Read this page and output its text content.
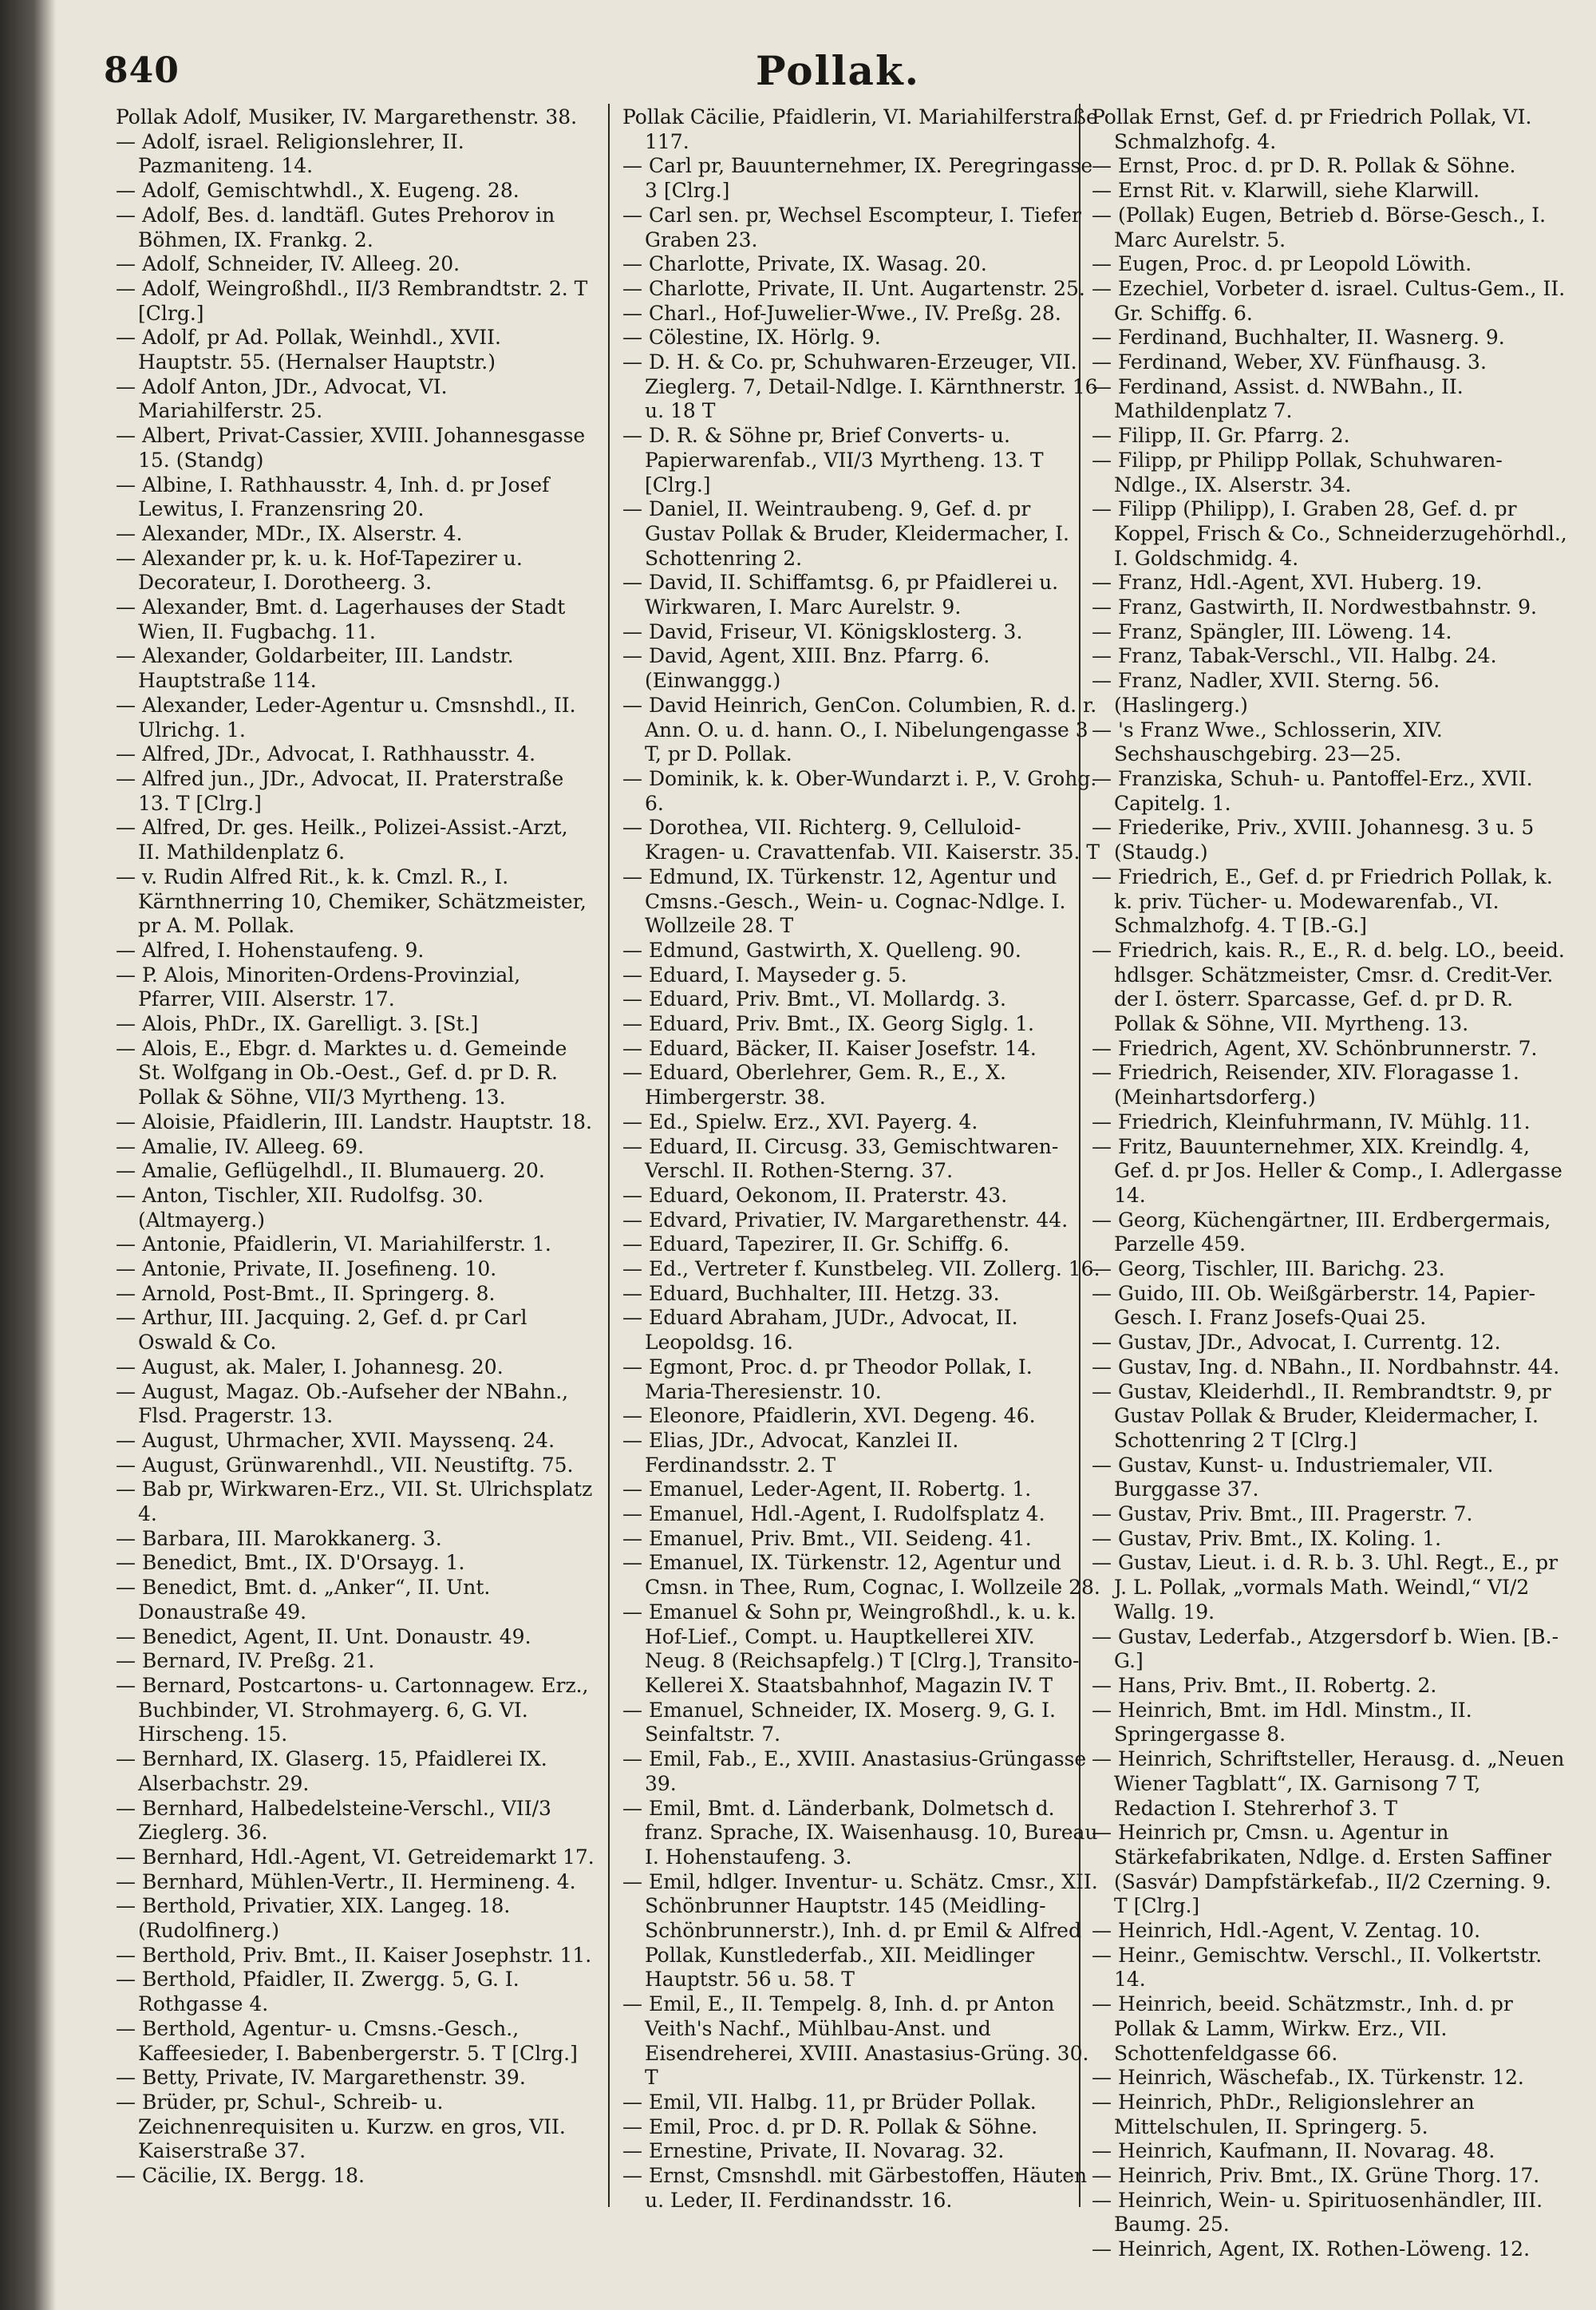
840	Pollak.

Pollak Adolf, Musiker, IV. Margarethenstr. 38.

— Adolf, israel. Religionslehrer, II. Pazmaniteng. 14.

— Adolf, Gemischtwhdl., X. Eugeng. 28.

— Adolf, Bes. d. landtäfl. Gutes Prehorov in Böhmen, IX. Frankg. 2.

— Adolf, Schneider, IV. Alleeg. 20.

— Adolf, Weingroßhdl., II/3 Rembrandtstr. 2. T [Clrg.]

— Adolf, pr Ad. Pollak, Weinhdl., XVII. Hauptstr. 55. (Hernalser Hauptstr.)

— Adolf Anton, JDr., Advocat, VI. Mariahilferstr. 25.

— Albert, Privat-Cassier, XVIII. Johannesgasse 15. (Standg)

— Albine, I. Rathhausstr. 4, Inh. d. pr Josef Lewitus, I. Franzensring 20.

— Alexander, MDr., IX. Alserstr. 4.

— Alexander pr, k. u. k. Hof-Tapezirer u. Decorateur, I. Dorotheerg. 3.

— Alexander, Bmt. d. Lagerhauses der Stadt Wien, II. Fugbachg. 11.

— Alexander, Goldarbeiter, III. Landstr. Hauptstraße 114.

— Alexander, Leder-Agentur u. Cmsnshdl., II. Ulrichg. 1.

— Alfred, JDr., Advocat, I. Rathhausstr. 4.

— Alfred jun., JDr., Advocat, II. Praterstraße 13. T [Clrg.]

— Alfred, Dr. ges. Heilk., Polizei-Assist.-Arzt, II. Mathildenplatz 6.

— v. Rudin Alfred Rit., k. k. Cmzl. R., I. Kärnthnerring 10, Chemiker, Schätzmeister, pr A. M. Pollak.

— Alfred, I. Hohenstaufeng. 9.

— P. Alois, Minoriten-Ordens-Provinzial, Pfarrer, VIII. Alserstr. 17.

— Alois, PhDr., IX. Garelligt. 3. [St.]

— Alois, E., Ebgr. d. Marktes u. d. Gemeinde St. Wolfgang in Ob.-Oest., Gef. d. pr D. R. Pollak & Söhne, VII/3 Myrtheng. 13.

— Aloisie, Pfaidlerin, III. Landstr. Hauptstr. 18.

— Amalie, IV. Alleeg. 69.

— Amalie, Geflügelhdl., II. Blumauerg. 20.

— Anton, Tischler, XII. Rudolfsg. 30. (Altmayerg.)

— Antonie, Pfaidlerin, VI. Mariahilferstr. 1.

— Antonie, Private, II. Josefineng. 10.

— Arnold, Post-Bmt., II. Springerg. 8.

— Arthur, III. Jacquing. 2, Gef. d. pr Carl Oswald & Co.

— August, ak. Maler, I. Johannesg. 20.

— August, Magaz. Ob.-Aufseher der NBahn., Flsd. Pragerstr. 13.

— August, Uhrmacher, XVII. Mayssenq. 24.

— August, Grünwarenhdl., VII. Neustiftg. 75.

— Bab pr, Wirkwaren-Erz., VII. St. Ulrichsplatz 4.

— Barbara, III. Marokkanerg. 3.

— Benedict, Bmt., IX. D'Orsayg. 1.

— Benedict, Bmt. d. „Anker“, II. Unt. Donaustraße 49.

— Benedict, Agent, II. Unt. Donaustr. 49.

— Bernard, IV. Preßg. 21.

— Bernard, Postcartons- u. Cartonnagew. Erz., Buchbinder, VI. Strohmayerg. 6, G. VI. Hirscheng. 15.

— Bernhard, IX. Glaserg. 15, Pfaidlerei IX. Alserbachstr. 29.

— Bernhard, Halbedelsteine-Verschl., VII/3 Zieglerg. 36.

— Bernhard, Hdl.-Agent, VI. Getreidemarkt 17.

— Bernhard, Mühlen-Vertr., II. Hermineng. 4.

— Berthold, Privatier, XIX. Langeg. 18. (Rudolfinerg.)

— Berthold, Priv. Bmt., II. Kaiser Josephstr. 11.

— Berthold, Pfaidler, II. Zwergg. 5, G. I. Rothgasse 4.

— Berthold, Agentur- u. Cmsns.-Gesch., Kaffeesieder, I. Babenbergerstr. 5. T [Clrg.]

— Betty, Private, IV. Margarethenstr. 39.

— Brüder, pr, Schul-, Schreib- u. Zeichnenrequisiten u. Kurzw. en gros, VII. Kaiserstraße 37.

— Cäcilie, IX. Bergg. 18.

Pollak Cäcilie, Pfaidlerin, VI. Mariahilferstraße 117.

— Carl pr, Bauunternehmer, IX. Peregringasse 3 [Clrg.]

— Carl sen. pr, Wechsel Escompteur, I. Tiefer Graben 23.

— Charlotte, Private, IX. Wasag. 20.

— Charlotte, Private, II. Unt. Augartenstr. 25.

— Charl., Hof-Juwelier-Wwe., IV. Preßg. 28.

— Cölestine, IX. Hörlg. 9.

— D. H. & Co. pr, Schuhwaren-Erzeuger, VII. Zieglerg. 7, Detail-Ndlge. I. Kärnthnerstr. 16 u. 18 T

— D. R. & Söhne pr, Brief Converts- u. Papierwarenfab., VII/3 Myrtheng. 13. T [Clrg.]

— Daniel, II. Weintraubeng. 9, Gef. d. pr Gustav Pollak & Bruder, Kleidermacher, I. Schottenring 2.

— David, II. Schiffamtsg. 6, pr Pfaidlerei u. Wirkwaren, I. Marc Aurelstr. 9.

— David, Friseur, VI. Königsklosterg. 3.

— David, Agent, XIII. Bnz. Pfarrg. 6. (Einwanggg.)

— David Heinrich, GenCon. Columbien, R. d. r. Ann. O. u. d. hann. O., I. Nibelungengasse 3 T, pr D. Pollak.

— Dominik, k. k. Ober-Wundarzt i. P., V. Grohg. 6.

— Dorothea, VII. Richterg. 9, Celluloid-Kragen- u. Cravattenfab. VII. Kaiserstr. 35. T

— Edmund, IX. Türkenstr. 12, Agentur und Cmsns.-Gesch., Wein- u. Cognac-Ndlge. I. Wollzeile 28. T

— Edmund, Gastwirth, X. Quelleng. 90.

— Eduard, I. Mayseder g. 5.

— Eduard, Priv. Bmt., VI. Mollardg. 3.

— Eduard, Priv. Bmt., IX. Georg Siglg. 1.

— Eduard, Bäcker, II. Kaiser Josefstr. 14.

— Eduard, Oberlehrer, Gem. R., E., X. Himbergerstr. 38.

— Ed., Spielw. Erz., XVI. Payerg. 4.

— Eduard, II. Circusg. 33, Gemischtwaren-Verschl. II. Rothen-Sterng. 37.

— Eduard, Oekonom, II. Praterstr. 43.

— Edvard, Privatier, IV. Margarethenstr. 44.

— Eduard, Tapezirer, II. Gr. Schiffg. 6.

— Ed., Vertreter f. Kunstbeleg. VII. Zollerg. 16.

— Eduard, Buchhalter, III. Hetzg. 33.

— Eduard Abraham, JUDr., Advocat, II. Leopoldsg. 16.

— Egmont, Proc. d. pr Theodor Pollak, I. Maria-Theresienstr. 10.

— Eleonore, Pfaidlerin, XVI. Degeng. 46.

— Elias, JDr., Advocat, Kanzlei II. Ferdinandsstr. 2. T

— Emanuel, Leder-Agent, II. Robertg. 1.

— Emanuel, Hdl.-Agent, I. Rudolfsplatz 4.

— Emanuel, Priv. Bmt., VII. Seideng. 41.

— Emanuel, IX. Türkenstr. 12, Agentur und Cmsn. in Thee, Rum, Cognac, I. Wollzeile 28.

— Emanuel & Sohn pr, Weingroßhdl., k. u. k. Hof-Lief., Compt. u. Hauptkellerei XIV. Neug. 8 (Reichsapfelg.) T [Clrg.], Transito-Kellerei X. Staatsbahnhof, Magazin IV. T

— Emanuel, Schneider, IX. Moserg. 9, G. I. Seinfaltstr. 7.

— Emil, Fab., E., XVIII. Anastasius-Grüngasse 39.

— Emil, Bmt. d. Länderbank, Dolmetsch d. franz. Sprache, IX. Waisenhausg. 10, Bureau I. Hohenstaufeng. 3.

— Emil, hdlger. Inventur- u. Schätz. Cmsr., XII. Schönbrunner Hauptstr. 145 (Meidling-Schönbrunnerstr.), Inh. d. pr Emil & Alfred Pollak, Kunstlederfab., XII. Meidlinger Hauptstr. 56 u. 58. T

— Emil, E., II. Tempelg. 8, Inh. d. pr Anton Veith's Nachf., Mühlbau-Anst. und Eisendreherei, XVIII. Anastasius-Grüng. 30. T

— Emil, VII. Halbg. 11, pr Brüder Pollak.

— Emil, Proc. d. pr D. R. Pollak & Söhne.

— Ernestine, Private, II. Novarag. 32.

— Ernst, Cmsnshdl. mit Gärbestoffen, Häuten u. Leder, II. Ferdinandsstr. 16.

Pollak Ernst, Gef. d. pr Friedrich Pollak, VI. Schmalzhofg. 4.

— Ernst, Proc. d. pr D. R. Pollak & Söhne.

— Ernst Rit. v. Klarwill, siehe Klarwill.

— (Pollak) Eugen, Betrieb d. Börse-Gesch., I. Marc Aurelstr. 5.

— Eugen, Proc. d. pr Leopold Löwith.

— Ezechiel, Vorbeter d. israel. Cultus-Gem., II. Gr. Schiffg. 6.

— Ferdinand, Buchhalter, II. Wasnerg. 9.

— Ferdinand, Weber, XV. Fünfhausg. 3.

— Ferdinand, Assist. d. NWBahn., II. Mathildenplatz 7.

— Filipp, II. Gr. Pfarrg. 2.

— Filipp, pr Philipp Pollak, Schuhwaren-Ndlge., IX. Alserstr. 34.

— Filipp (Philipp), I. Graben 28, Gef. d. pr Koppel, Frisch & Co., Schneiderzugehörhdl., I. Goldschmidg. 4.

— Franz, Hdl.-Agent, XVI. Huberg. 19.

— Franz, Gastwirth, II. Nordwestbahnstr. 9.

— Franz, Spängler, III. Löweng. 14.

— Franz, Tabak-Verschl., VII. Halbg. 24.

— Franz, Nadler, XVII. Sterng. 56. (Haslingerg.)

— 's Franz Wwe., Schlosserin, XIV. Sechshauschgebirg. 23—25.

— Franziska, Schuh- u. Pantoffel-Erz., XVII. Capitelg. 1.

— Friederike, Priv., XVIII. Johannesg. 3 u. 5 (Staudg.)

— Friedrich, E., Gef. d. pr Friedrich Pollak, k. k. priv. Tücher- u. Modewarenfab., VI. Schmalzhofg. 4. T [B.-G.]

— Friedrich, kais. R., E., R. d. belg. LO., beeid. hdlsger. Schätzmeister, Cmsr. d. Credit-Ver. der I. österr. Sparcasse, Gef. d. pr D. R. Pollak & Söhne, VII. Myrtheng. 13.

— Friedrich, Agent, XV. Schönbrunnerstr. 7.

— Friedrich, Reisender, XIV. Floragasse 1. (Meinhartsdorferg.)

— Friedrich, Kleinfuhrmann, IV. Mühlg. 11.

— Fritz, Bauunternehmer, XIX. Kreindlg. 4, Gef. d. pr Jos. Heller & Comp., I. Adlergasse 14.

— Georg, Küchengärtner, III. Erdbergermais, Parzelle 459.

— Georg, Tischler, III. Barichg. 23.

— Guido, III. Ob. Weißgärberstr. 14, Papier-Gesch. I. Franz Josefs-Quai 25.

— Gustav, JDr., Advocat, I. Currentg. 12.

— Gustav, Ing. d. NBahn., II. Nordbahnstr. 44.

— Gustav, Kleiderhdl., II. Rembrandtstr. 9, pr Gustav Pollak & Bruder, Kleidermacher, I. Schottenring 2 T [Clrg.]

— Gustav, Kunst- u. Industriemaler, VII. Burggasse 37.

— Gustav, Priv. Bmt., III. Pragerstr. 7.

— Gustav, Priv. Bmt., IX. Koling. 1.

— Gustav, Lieut. i. d. R. b. 3. Uhl. Regt., E., pr J. L. Pollak, „vormals Math. Weindl,“ VI/2 Wallg. 19.

— Gustav, Lederfab., Atzgersdorf b. Wien. [B.-G.]

— Hans, Priv. Bmt., II. Robertg. 2.

— Heinrich, Bmt. im Hdl. Minstm., II. Springergasse 8.

— Heinrich, Schriftsteller, Herausg. d. „Neuen Wiener Tagblatt“, IX. Garnisong 7 T, Redaction I. Stehrerhof 3. T

— Heinrich pr, Cmsn. u. Agentur in Stärkefabrikaten, Ndlge. d. Ersten Saffiner (Sasvár) Dampfstärkefab., II/2 Czerning. 9. T [Clrg.]

— Heinrich, Hdl.-Agent, V. Zentag. 10.

— Heinr., Gemischtw. Verschl., II. Volkertstr. 14.

— Heinrich, beeid. Schätzmstr., Inh. d. pr Pollak & Lamm, Wirkw. Erz., VII. Schottenfeldgasse 66.

— Heinrich, Wäschefab., IX. Türkenstr. 12.

— Heinrich, PhDr., Religionslehrer an Mittelschulen, II. Springerg. 5.

— Heinrich, Kaufmann, II. Novarag. 48.

— Heinrich, Priv. Bmt., IX. Grüne Thorg. 17.

— Heinrich, Wein- u. Spirituosenhändler, III. Baumg. 25.

— Heinrich, Agent, IX. Rothen-Löweng. 12.
